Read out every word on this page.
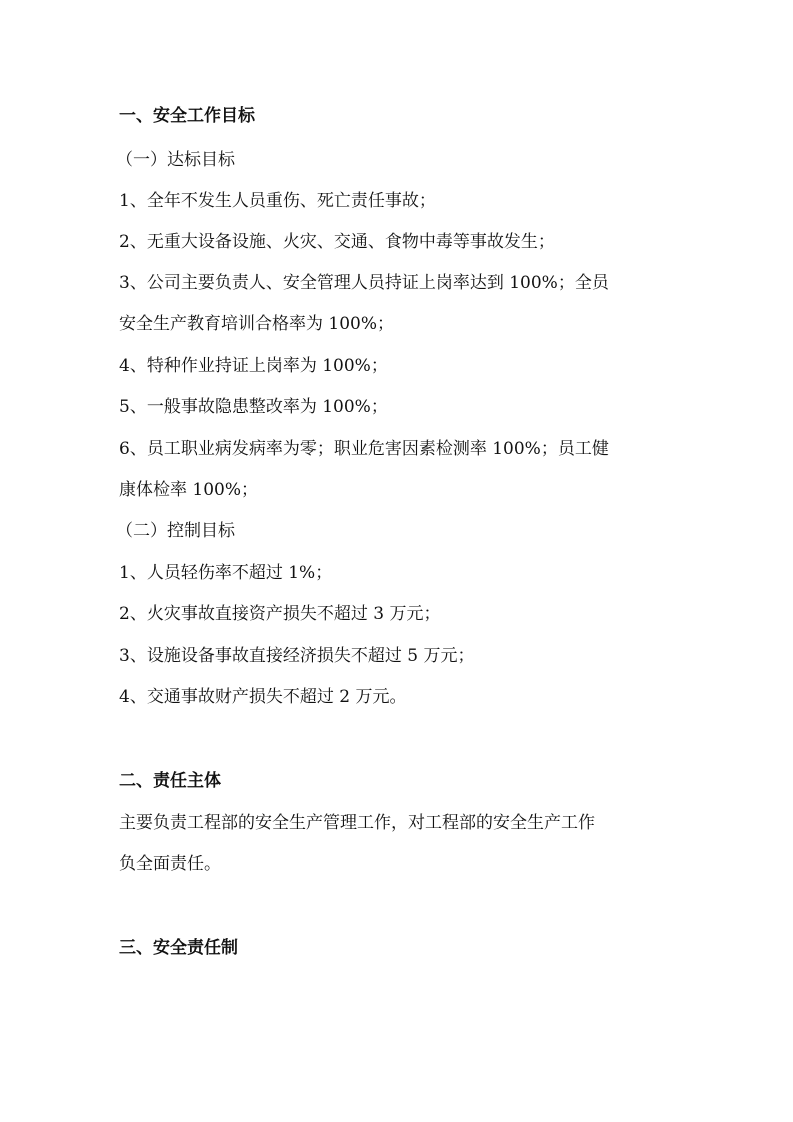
一、安全工作目标

（一）达标目标

1、全年不发生人员重伤、死亡责任事故；

2、无重大设备设施、火灾、交通、食物中毒等事故发生；

3、公司主要负责人、安全管理人员持证上岗率达到 100%；全员

安全生产教育培训合格率为 100%；

4、特种作业持证上岗率为 100%；

5、一般事故隐患整改率为 100%；

6、员工职业病发病率为零；职业危害因素检测率 100%；员工健

康体检率 100%；

（二）控制目标

1、人员轻伤率不超过 1%；

2、火灾事故直接资产损失不超过 3 万元；

3、设施设备事故直接经济损失不超过 5 万元；

4、交通事故财产损失不超过 2 万元。

二、责任主体

主要负责工程部的安全生产管理工作，对工程部的安全生产工作

负全面责任。

三、安全责任制
